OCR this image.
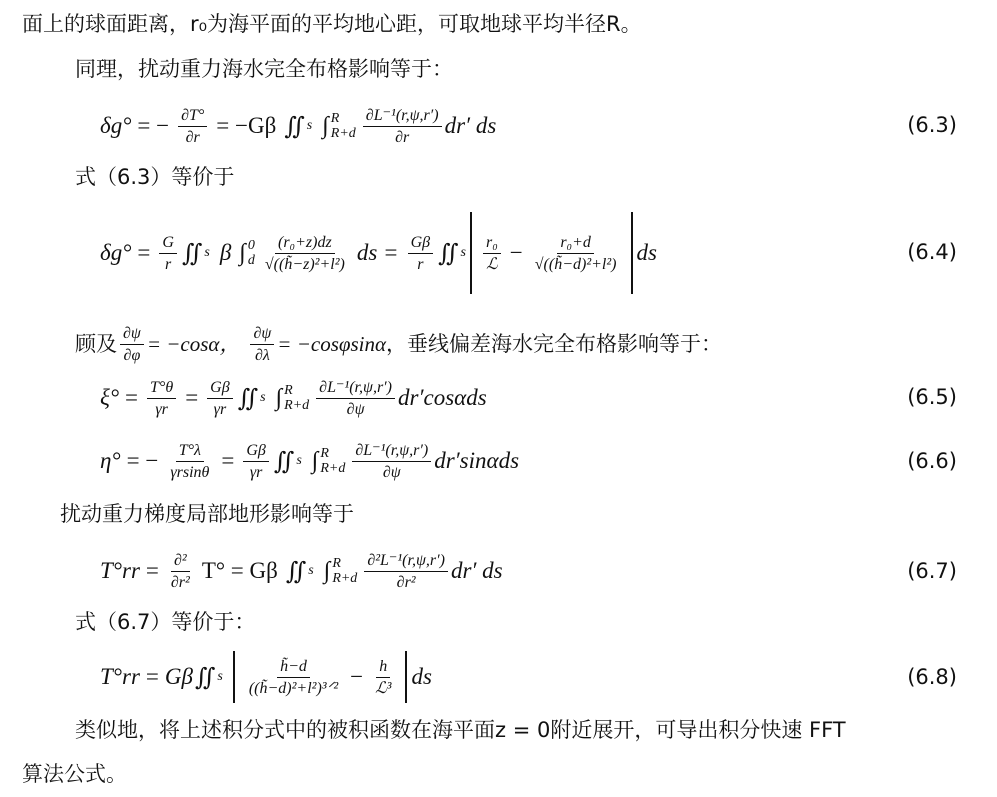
面上的球面距离，r₀为海平面的平均地心距，可取地球平均半径R。
同理，扰动重力海水完全布格影响等于：
δg° = − $\frac{\partial T^\circ}{\partial r} = -G\beta$ ∬ s ∫ R
$R+d \frac{\text{∂L⁻¹(r,ψ,r′)}}{\partial r} dr'$ ds	(6.3)
式（6.3）等价于
$\delta g^\circ = \frac{G}{r}$ ∬ s β ∫ 0
d $\frac{\text{(r₀+z)dz}}{\text{√((h̃−z)²+l²)}}$ ds = $\frac{G\beta}{r}$ ∬ s $\frac{\text{r₀}}{\text{ℒ}} - \frac{\text{r₀+d}}{\text{√((h̃−d)²+l²)}}$ ds	(6.4)
顾及 $\frac{\partial\psi}{\partial\varphi} = -\cos\alpha$， $\frac{\partial\psi}{\partial\lambda} = -\cos\varphi\sin\alpha$ ，垂线偏差海水完全布格影响等于：
$\xi^\circ = \frac{T^\circ\theta}{\gamma r} = \frac{G\beta}{\gamma r}$ ∬ s ∫ R
$R+d \frac{\text{∂L⁻¹(r,ψ,r′)}}{\partial\psi} dr'\cos\alpha ds$	(6.5)
η° = − $\frac{T^\circ\lambda}{\gamma rsin\theta} = \frac{G\beta}{\gamma r}$ ∬ s ∫ R
$R+d \frac{\text{∂L⁻¹(r,ψ,r′)}}{\partial\psi} dr'\sin\alpha ds$	(6.6)
扰动重力梯度局部地形影响等于
$T^\circ rr = \frac{\text{∂²}}{\text{∂r²}} T^\circ = G\beta$ ∬ s ∫ R
$R+d \frac{\text{∂²L⁻¹(r,ψ,r′)}}{\text{∂r²}} dr'$ ds	(6.7)
式（6.7）等价于：
T°rr = Gβ ∬ s $\frac{h̃-d}{\text{((h̃−d)²+l²)³ᐟ²}} - \frac{h}{\text{ℒ³}}$ ds	(6.8)
类似地，将上述积分式中的被积函数在海平面z = 0附近展开，可导出积分快速 FFT
算法公式。
